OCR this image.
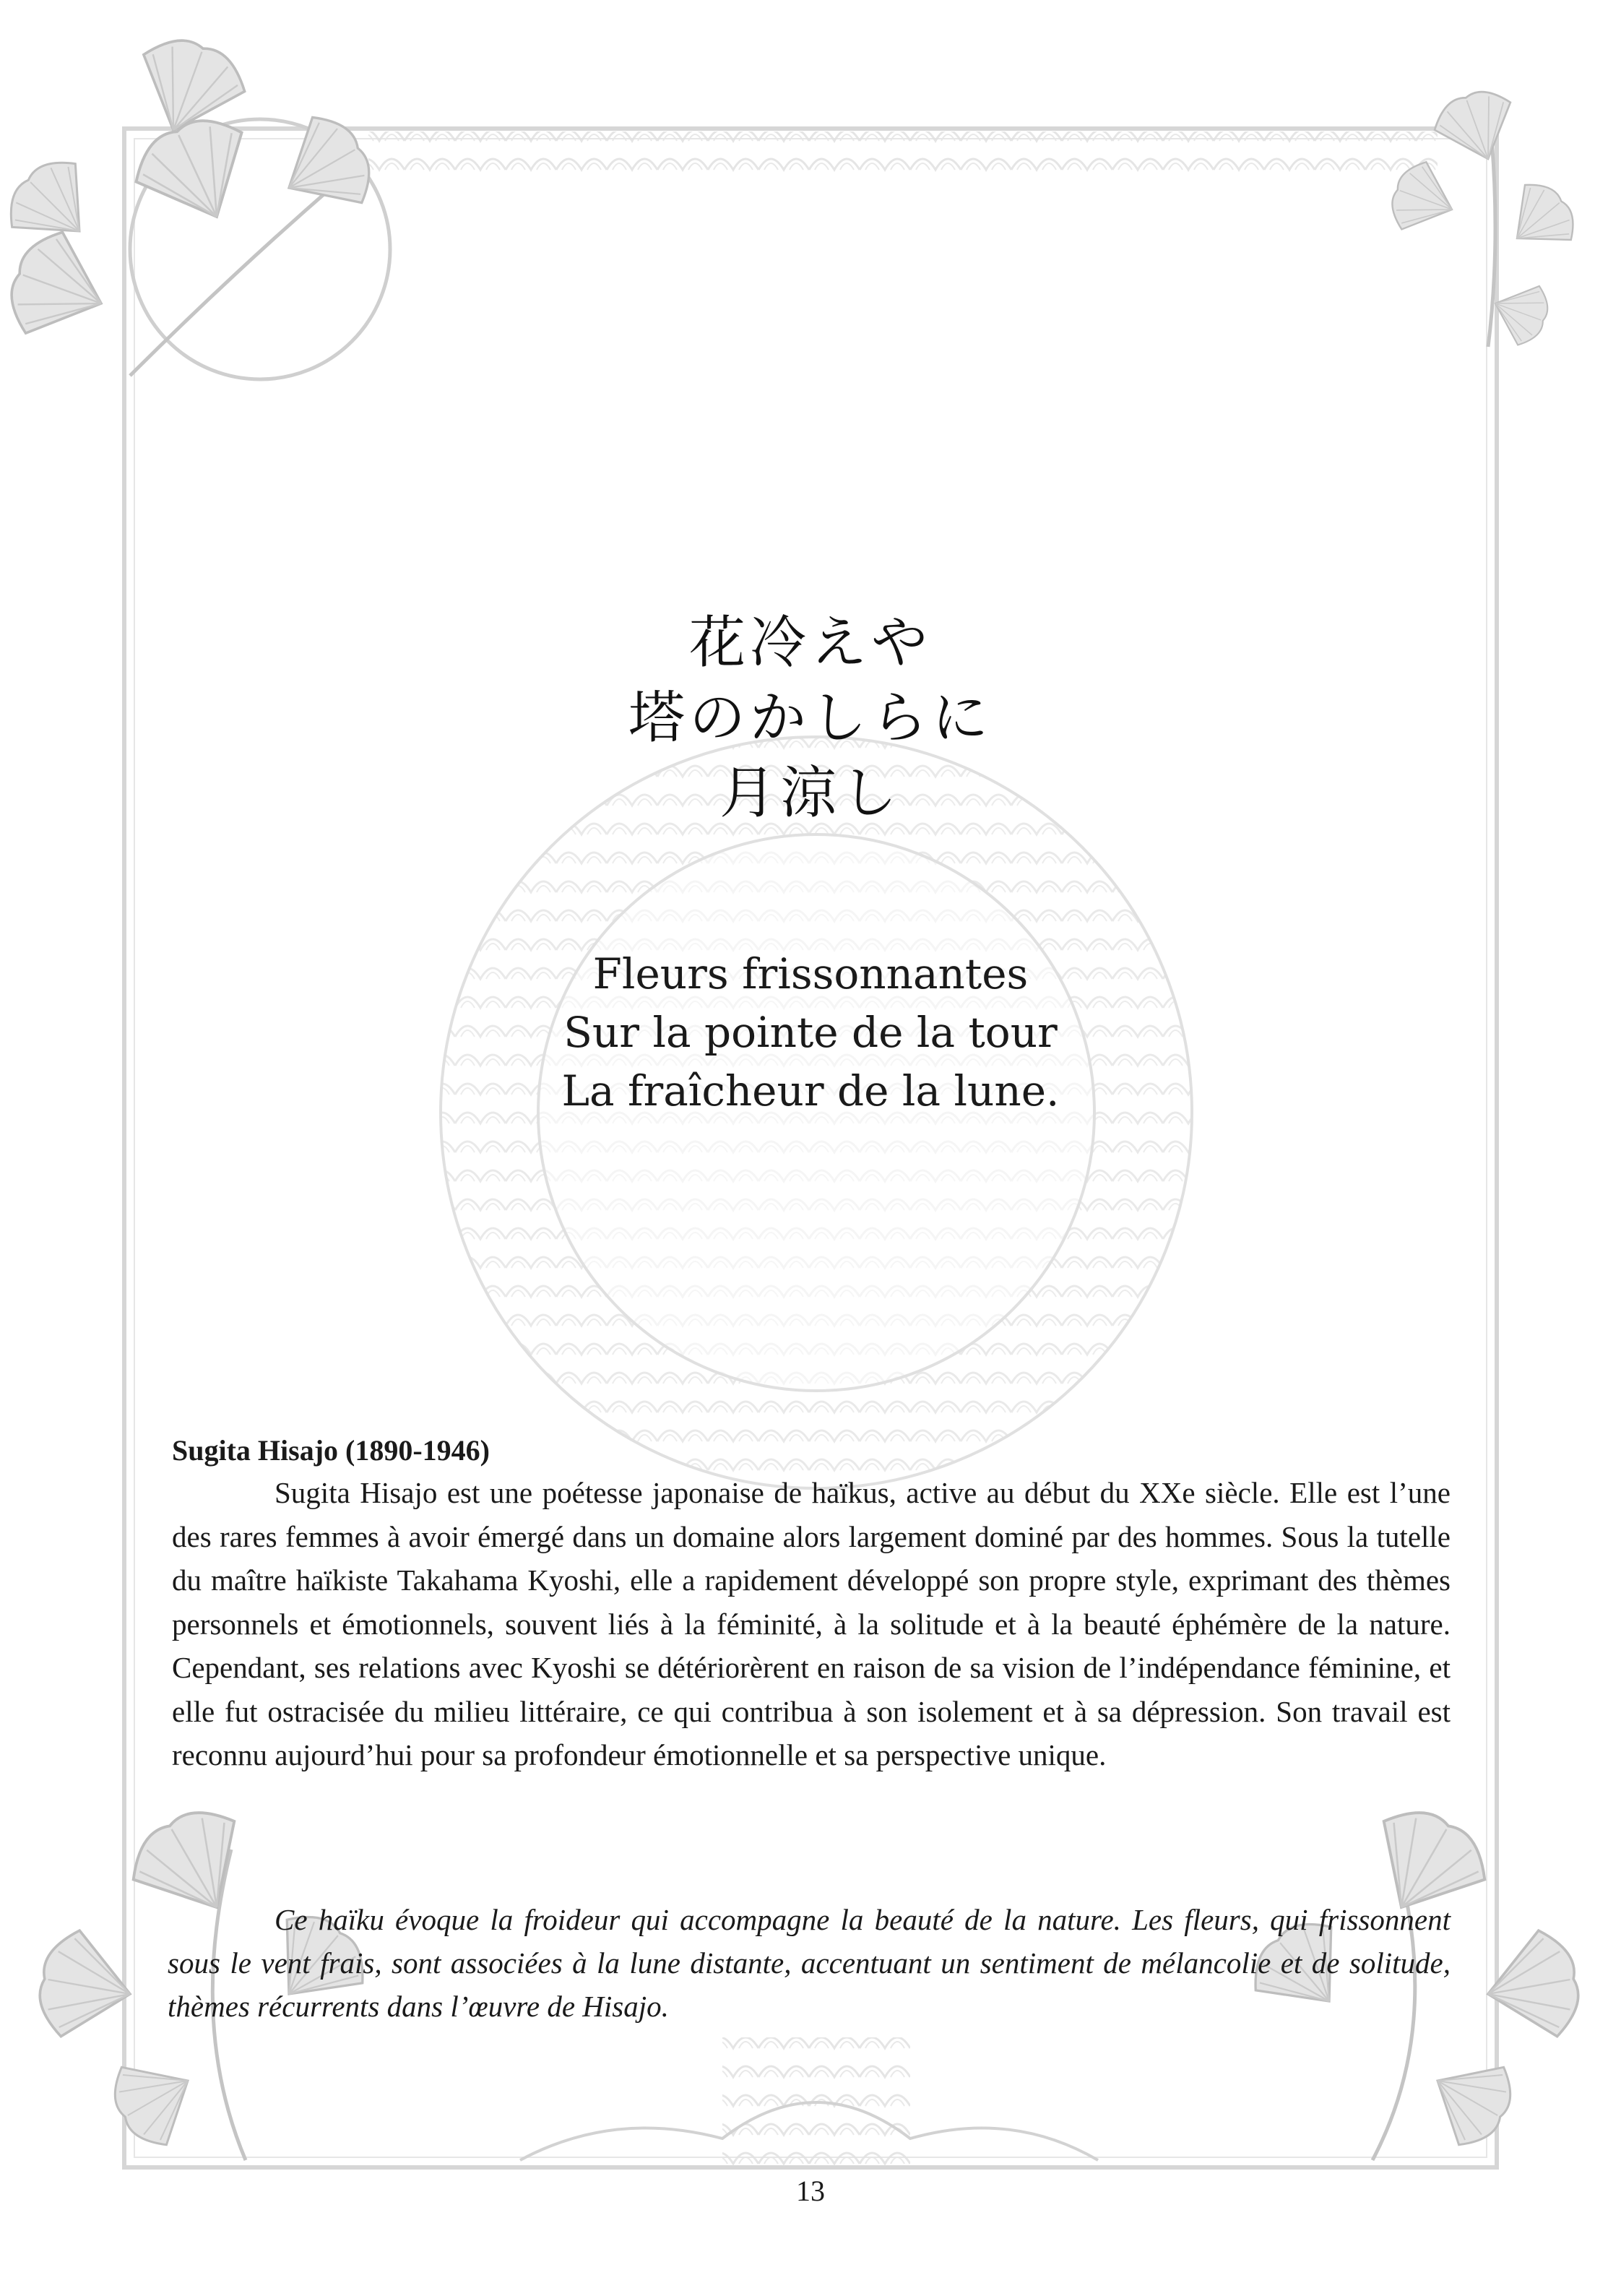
花冷えや
塔のかしらに
月涼し
Fleurs frissonnantes
Sur la pointe de la tour
La fraîcheur de la lune.
Sugita Hisajo (1890-1946)

Sugita Hisajo est une poétesse japonaise de haïkus, active au début du XXe siècle. Elle est l’une des rares femmes à avoir émergé dans un domaine alors largement dominé par des hommes. Sous la tutelle du maître haïkiste Takahama Kyoshi, elle a rapidement développé son propre style, exprimant des thèmes personnels et émotionnels, souvent liés à la féminité, à la solitude et à la beauté éphémère de la nature. Cependant, ses relations avec Kyoshi se détériorèrent en raison de sa vision de l’indépendance féminine, et elle fut ostracisée du milieu littéraire, ce qui contribua à son isolement et à sa dépression. Son travail est reconnu aujourd’hui pour sa profondeur émotionnelle et sa perspective unique.

Ce haïku évoque la froideur qui accompagne la beauté de la nature. Les fleurs, qui frissonnent sous le vent frais, sont associées à la lune distante, accentuant un sentiment de mélancolie et de solitude, thèmes récurrents dans l’œuvre de Hisajo.

13
